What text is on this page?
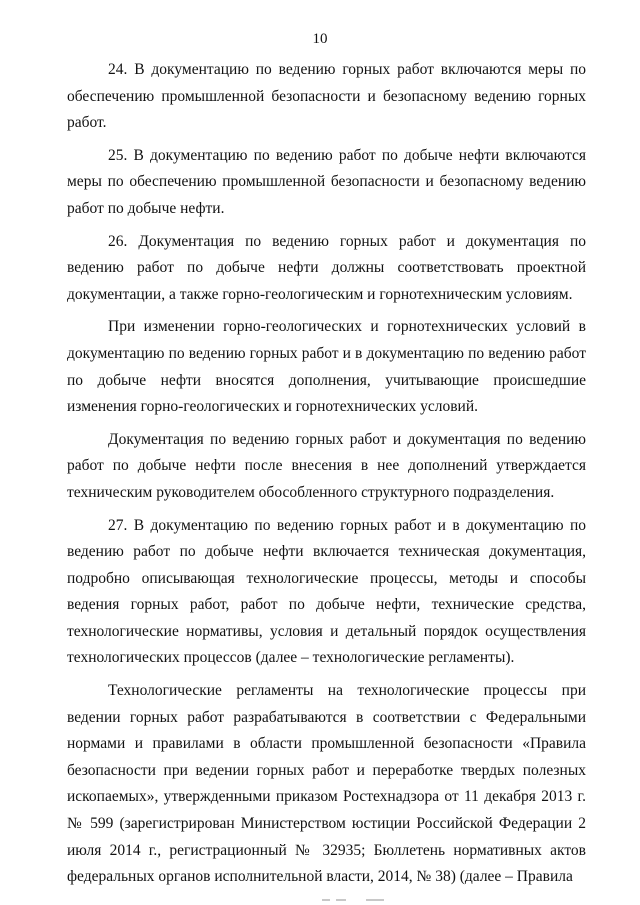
10

24. В документацию по ведению горных работ включаются меры по обеспечению промышленной безопасности и безопасному ведению горных работ.

25. В документацию по ведению работ по добыче нефти включаются меры по обеспечению промышленной безопасности и безопасному ведению работ по добыче нефти.

26. Документация по ведению горных работ и документация по ведению работ по добыче нефти должны соответствовать проектной документации, а также горно-геологическим и горнотехническим условиям.

При изменении горно-геологических и горнотехнических условий в документацию по ведению горных работ и в документацию по ведению работ по добыче нефти вносятся дополнения, учитывающие происшедшие изменения горно-геологических и горнотехнических условий.

Документация по ведению горных работ и документация по ведению работ по добыче нефти после внесения в нее дополнений утверждается техническим руководителем обособленного структурного подразделения.

27. В документацию по ведению горных работ и в документацию по ведению работ по добыче нефти включается техническая документация, подробно описывающая технологические процессы, методы и способы ведения горных работ, работ по добыче нефти, технические средства, технологические нормативы, условия и детальный порядок осуществления технологических процессов (далее – технологические регламенты).

Технологические регламенты на технологические процессы при ведении горных работ разрабатываются в соответствии с Федеральными нормами и правилами в области промышленной безопасности «Правила безопасности при ведении горных работ и переработке твердых полезных ископаемых», утвержденными приказом Ростехнадзора от 11 декабря 2013 г. № 599 (зарегистрирован Министерством юстиции Российской Федерации 2 июля 2014 г., регистрационный № 32935; Бюллетень нормативных актов федеральных органов исполнительной власти, 2014, № 38) (далее – Правила
